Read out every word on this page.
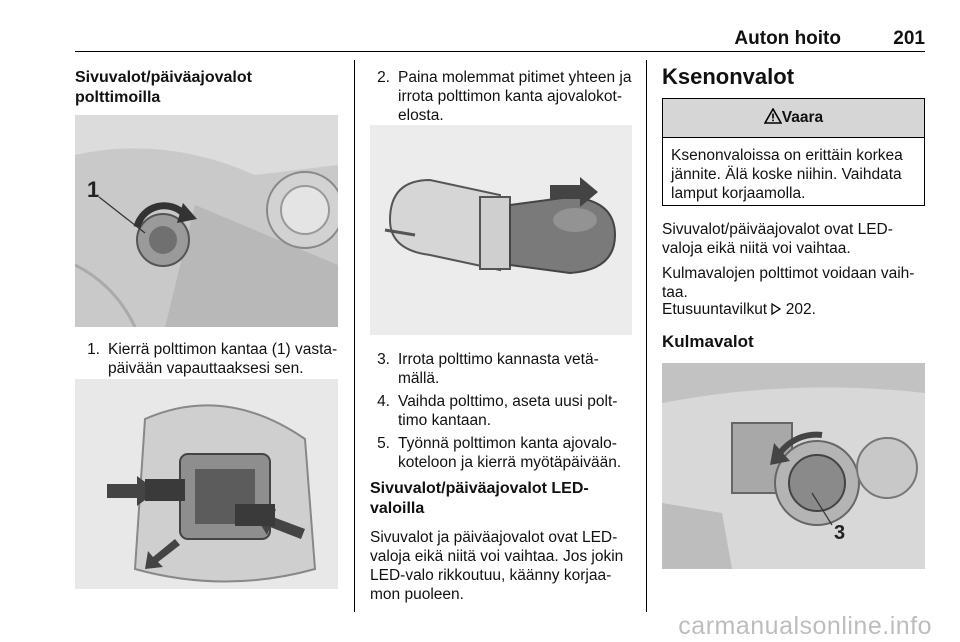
Auton hoito	201
Sivuvalot/päiväajovalot
polttimoilla
1
1. Kierrä polttimon kantaa (1) vasta-
päivään vapauttaaksesi sen.
2. Paina molemmat pitimet yhteen ja
irrota polttimon kanta ajovalokot-
elosta.
3. Irrota polttimo kannasta vetä-
mällä.
4. Vaihda polttimo, aseta uusi polt-
timo kantaan.
5. Työnnä polttimon kanta ajovalo-
koteloon ja kierrä myötäpäivään.
Sivuvalot/päiväajovalot LED-
valoilla
Sivuvalot ja päiväajovalot ovat LED-
valoja eikä niitä voi vaihtaa. Jos jokin
LED-valo rikkoutuu, käänny korjaa-
mon puoleen.
Ksenonvalot
Vaara
Ksenonvaloissa on erittäin korkea
jännite. Älä koske niihin. Vaihdata
lamput korjaamolla.
Sivuvalot/päiväajovalot ovat LED-
valoja eikä niitä voi vaihtaa.
Kulmavalojen polttimot voidaan vaih-
taa.
Etusuuntavilkut 202.
Kulmavalot
3
carmanualsonline.info
